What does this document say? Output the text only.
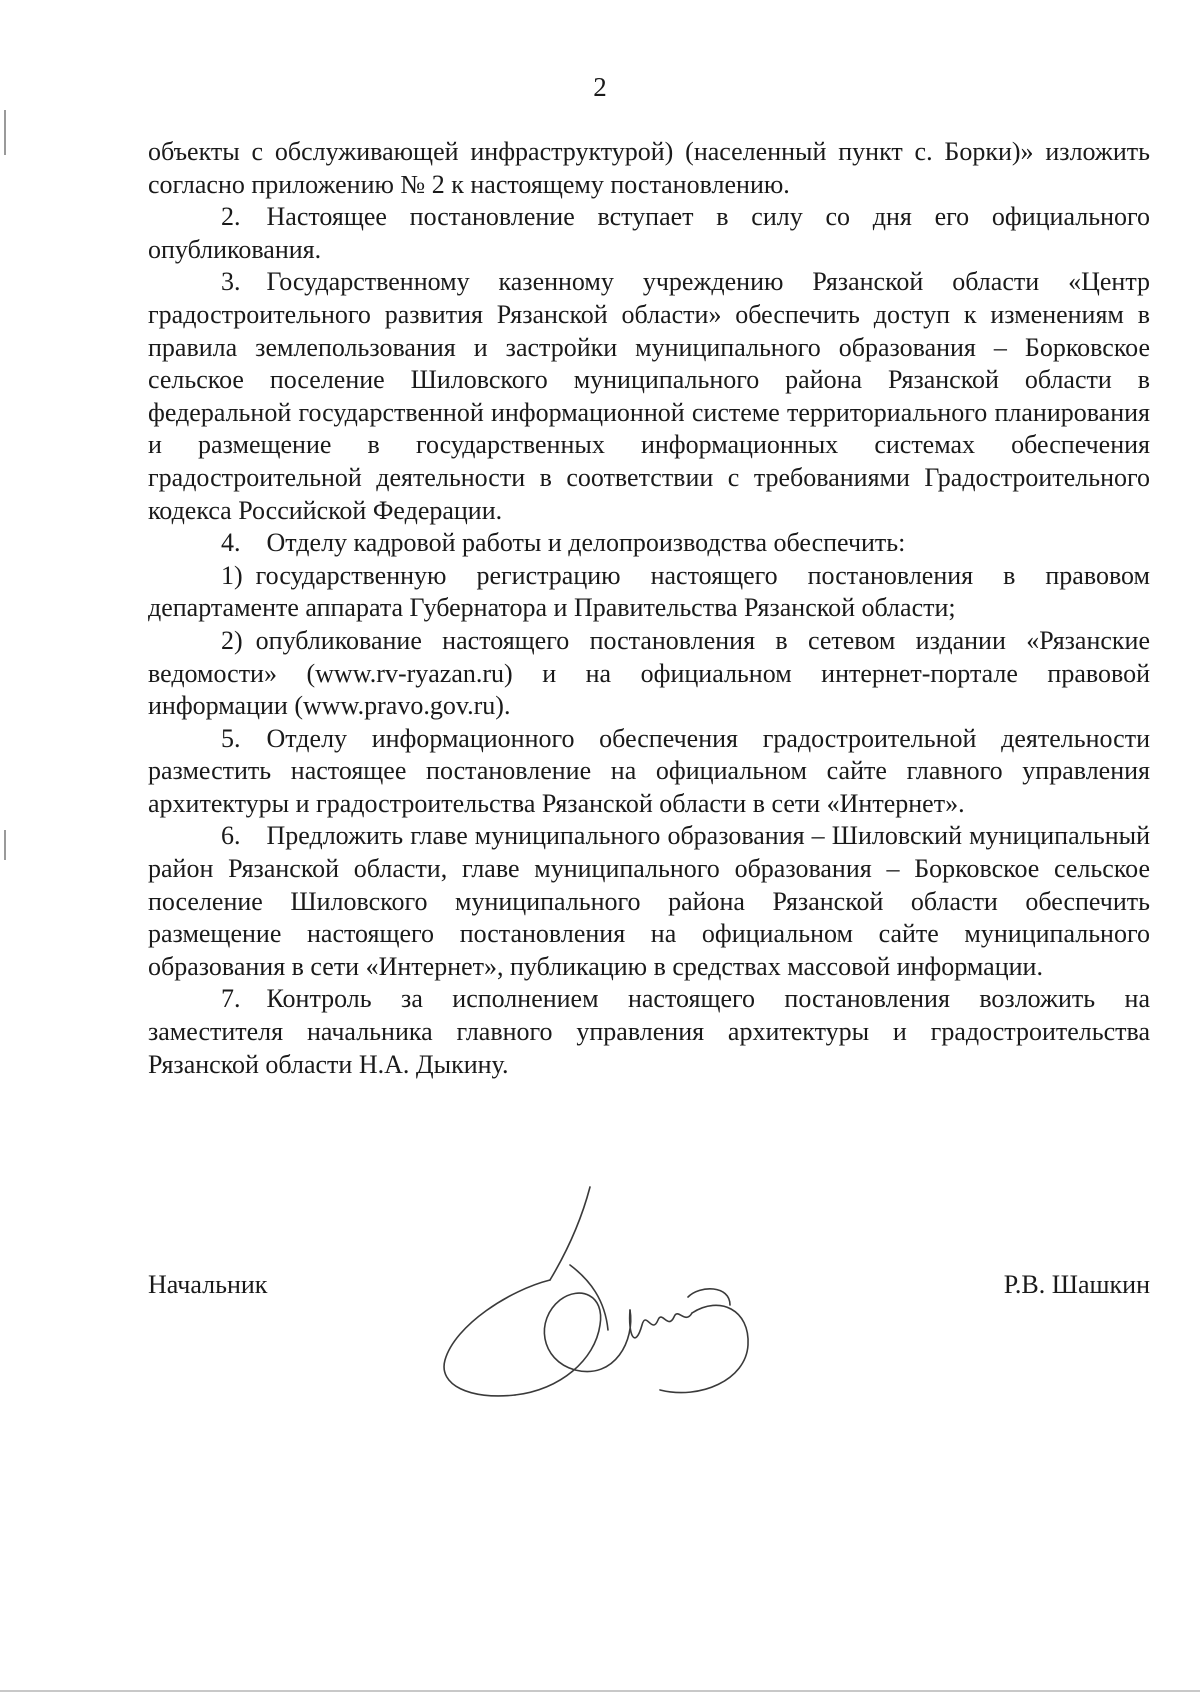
2

объекты с обслуживающей инфраструктурой) (населенный пункт с. Борки)» изложить согласно приложению № 2 к настоящему постановлению.

2. Настоящее постановление вступает в силу со дня его официального опубликования.

3. Государственному казенному учреждению Рязанской области «Центр градостроительного развития Рязанской области» обеспечить доступ к изменениям в правила землепользования и застройки муниципального образования – Борковское сельское поселение Шиловского муниципального района Рязанской области в федеральной государственной информационной системе территориального планирования и размещение в государственных информационных системах обеспечения градостроительной деятельности в соответствии с требованиями Градостроительного кодекса Российской Федерации.

4. Отделу кадровой работы и делопроизводства обеспечить:

1) государственную регистрацию настоящего постановления в правовом департаменте аппарата Губернатора и Правительства Рязанской области;

2) опубликование настоящего постановления в сетевом издании «Рязанские ведомости» (www.rv-ryazan.ru) и на официальном интернет-портале правовой информации (www.pravo.gov.ru).

5. Отделу информационного обеспечения градостроительной деятельности разместить настоящее постановление на официальном сайте главного управления архитектуры и градостроительства Рязанской области в сети «Интернет».

6. Предложить главе муниципального образования – Шиловский муниципальный район Рязанской области, главе муниципального образования – Борковское сельское поселение Шиловского муниципального района Рязанской области обеспечить размещение настоящего постановления на официальном сайте муниципального образования в сети «Интернет», публикацию в средствах массовой информации.

7. Контроль за исполнением настоящего постановления возложить на заместителя начальника главного управления архитектуры и градостроительства Рязанской области Н.А. Дыкину.

Начальник	Р.В. Шашкин
